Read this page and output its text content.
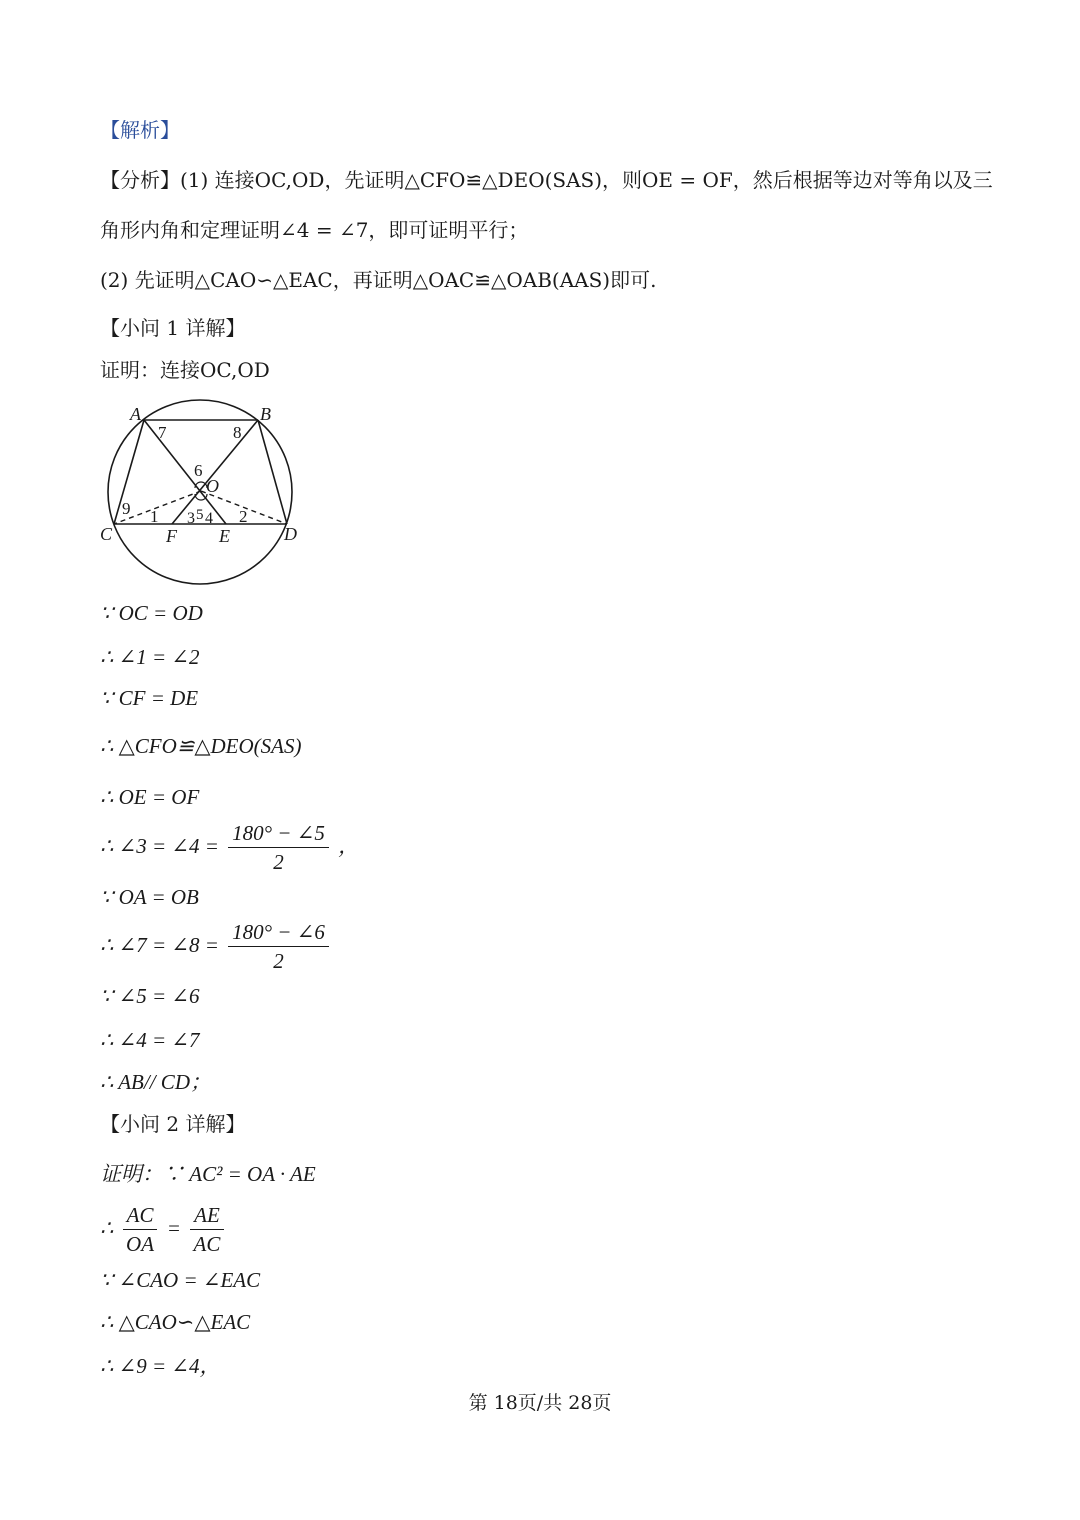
【解析】
【分析】(1) 连接OC,OD，先证明△CFO≌△DEO(SAS)，则OE = OF，然后根据等边对等角以及三
角形内角和定理证明∠4 = ∠7，即可证明平行；
(2) 先证明△CAO∽△EAC，再证明△OAC≌△OAB(AAS)即可.
【小问 1 详解】
证明：连接OC,OD
A	B
C	D
F E
O
7	8
6
9 1 3 5 4 2
∵ OC = OD
∴ ∠1 = ∠2
∵ CF = DE
∴ △CFO≌△DEO(SAS)
∴ OE = OF
∴ ∠3 = ∠4 = $\frac{180^\circ - \angle 5}{2}$ ，
∵ OA = OB
∴ ∠7 = ∠8 = $\frac{180^\circ - \angle 6}{2}$
∵ ∠5 = ∠6
∴ ∠4 = ∠7
∴ AB// CD；
【小问 2 详解】
证明：∵ AC² = OA · AE
∴ $\frac{AC}{OA} = \frac{AE}{AC}$
∵ ∠CAO = ∠EAC
∴ △CAO∽△EAC
∴ ∠9 = ∠4，
第 18页/共 28页
